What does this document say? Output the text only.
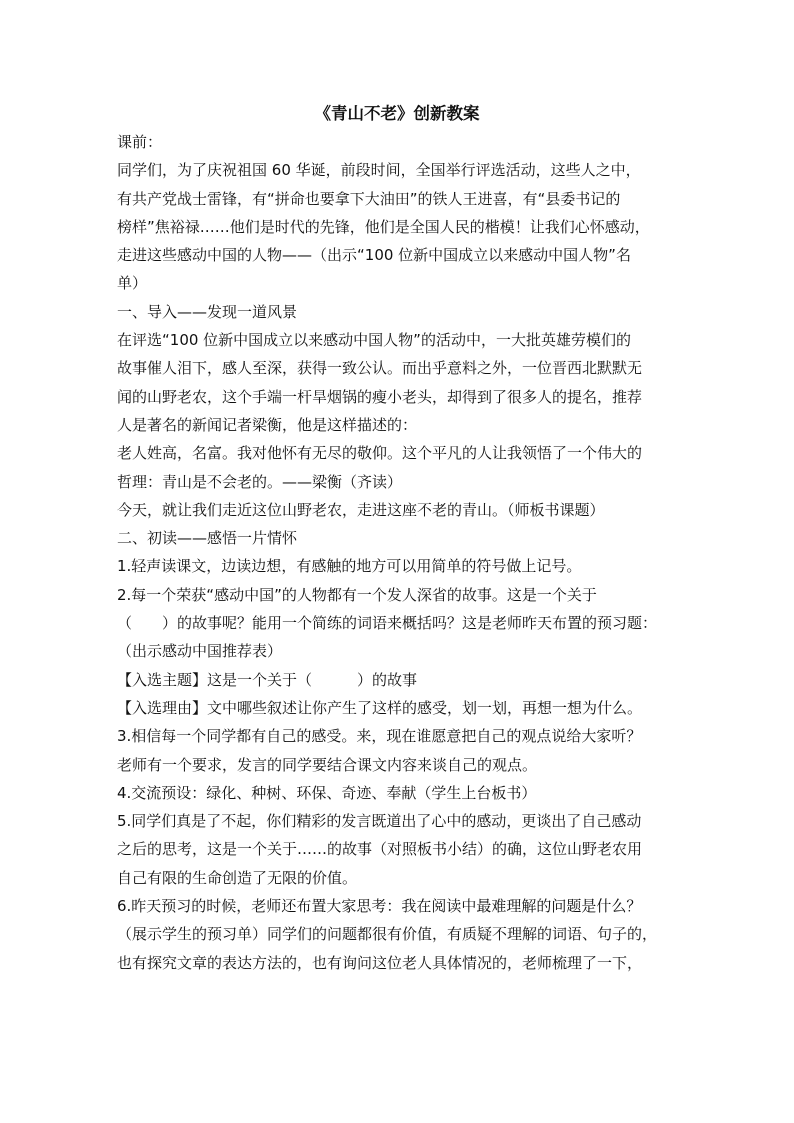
《青山不老》创新教案
课前：
同学们，为了庆祝祖国 60 华诞，前段时间，全国举行评选活动，这些人之中，
有共产党战士雷锋，有“拼命也要拿下大油田”的铁人王进喜，有“县委书记的
榜样”焦裕禄……他们是时代的先锋，他们是全国人民的楷模！让我们心怀感动，
走进这些感动中国的人物——（出示“100 位新中国成立以来感动中国人物”名
单）
一、导入——发现一道风景
在评选“100 位新中国成立以来感动中国人物”的活动中，一大批英雄劳模们的
故事催人泪下，感人至深，获得一致公认。而出乎意料之外，一位晋西北默默无
闻的山野老农，这个手端一杆旱烟锅的瘦小老头，却得到了很多人的提名，推荐
人是著名的新闻记者梁衡，他是这样描述的：
老人姓高，名富。我对他怀有无尽的敬仰。这个平凡的人让我领悟了一个伟大的
哲理：青山是不会老的。——梁衡（齐读）
今天，就让我们走近这位山野老农，走进这座不老的青山。（师板书课题）
二、初读——感悟一片情怀
1.轻声读课文，边读边想，有感触的地方可以用简单的符号做上记号。
2.每一个荣获“感动中国”的人物都有一个发人深省的故事。这是一个关于
（　　）的故事呢？能用一个简练的词语来概括吗？这是老师昨天布置的预习题：
（出示感动中国推荐表）
【入选主题】这是一个关于（　　　）的故事
【入选理由】文中哪些叙述让你产生了这样的感受，划一划，再想一想为什么。
3.相信每一个同学都有自己的感受。来，现在谁愿意把自己的观点说给大家听？
老师有一个要求，发言的同学要结合课文内容来谈自己的观点。
4.交流预设：绿化、种树、环保、奇迹、奉献（学生上台板书）
5.同学们真是了不起，你们精彩的发言既道出了心中的感动，更谈出了自己感动
之后的思考，这是一个关于……的故事（对照板书小结）的确，这位山野老农用
自己有限的生命创造了无限的价值。
6.昨天预习的时候，老师还布置大家思考：我在阅读中最难理解的问题是什么？
（展示学生的预习单）同学们的问题都很有价值，有质疑不理解的词语、句子的，
也有探究文章的表达方法的，也有询问这位老人具体情况的，老师梳理了一下，
